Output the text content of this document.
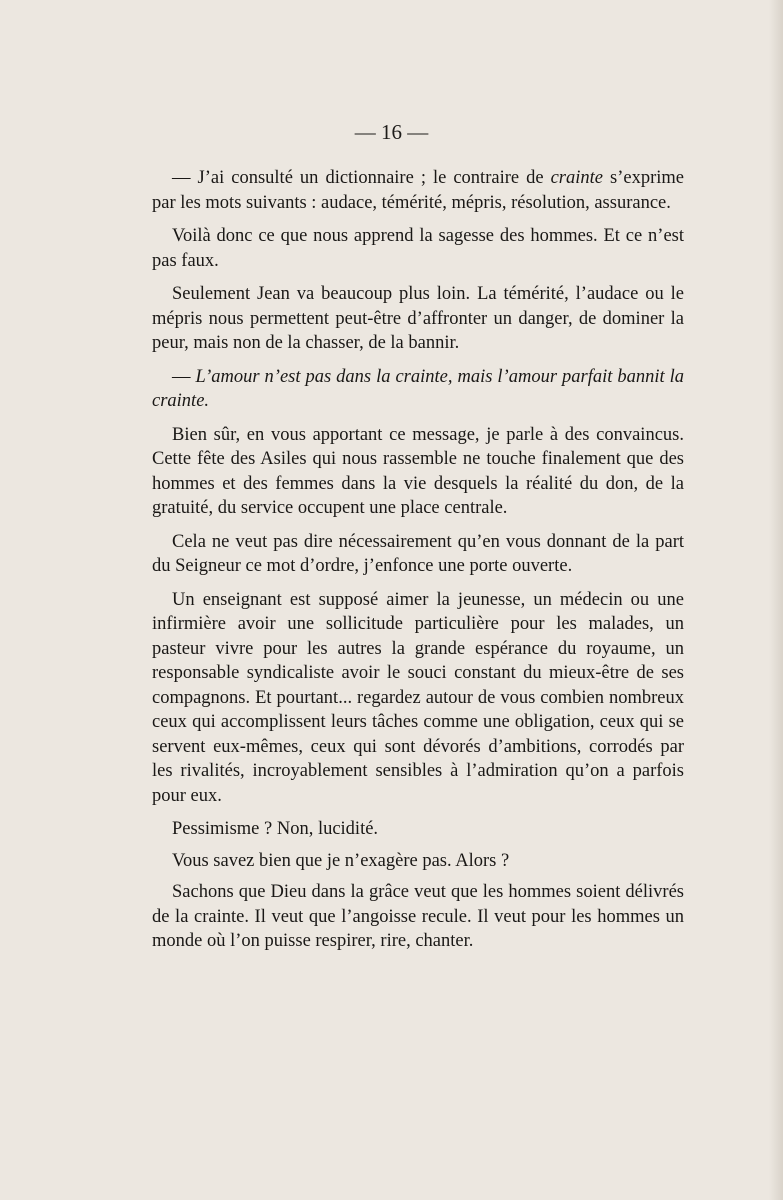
— 16 —

— J’ai consulté un dictionnaire ; le contraire de crainte s’exprime par les mots suivants : audace, témérité, mépris, résolution, assurance.

Voilà donc ce que nous apprend la sagesse des hommes. Et ce n’est pas faux.

Seulement Jean va beaucoup plus loin. La témérité, l’audace ou le mépris nous permettent peut-être d’affronter un danger, de dominer la peur, mais non de la chasser, de la bannir.

— L’amour n’est pas dans la crainte, mais l’amour parfait bannit la crainte.

Bien sûr, en vous apportant ce message, je parle à des convaincus. Cette fête des Asiles qui nous rassemble ne touche finalement que des hommes et des femmes dans la vie desquels la réalité du don, de la gratuité, du service occupent une place centrale.

Cela ne veut pas dire nécessairement qu’en vous donnant de la part du Seigneur ce mot d’ordre, j’enfonce une porte ouverte.

Un enseignant est supposé aimer la jeunesse, un médecin ou une infirmière avoir une sollicitude particulière pour les malades, un pasteur vivre pour les autres la grande espérance du royaume, un responsable syndicaliste avoir le souci constant du mieux-être de ses compagnons. Et pourtant... regardez autour de vous combien nombreux ceux qui accomplissent leurs tâches comme une obligation, ceux qui se servent eux-mêmes, ceux qui sont dévorés d’ambitions, corrodés par les rivalités, incroyablement sensibles à l’admiration qu’on a parfois pour eux.

Pessimisme ? Non, lucidité.

Vous savez bien que je n’exagère pas. Alors ?

Sachons que Dieu dans la grâce veut que les hommes soient délivrés de la crainte. Il veut que l’angoisse recule. Il veut pour les hommes un monde où l’on puisse respirer, rire, chanter.
